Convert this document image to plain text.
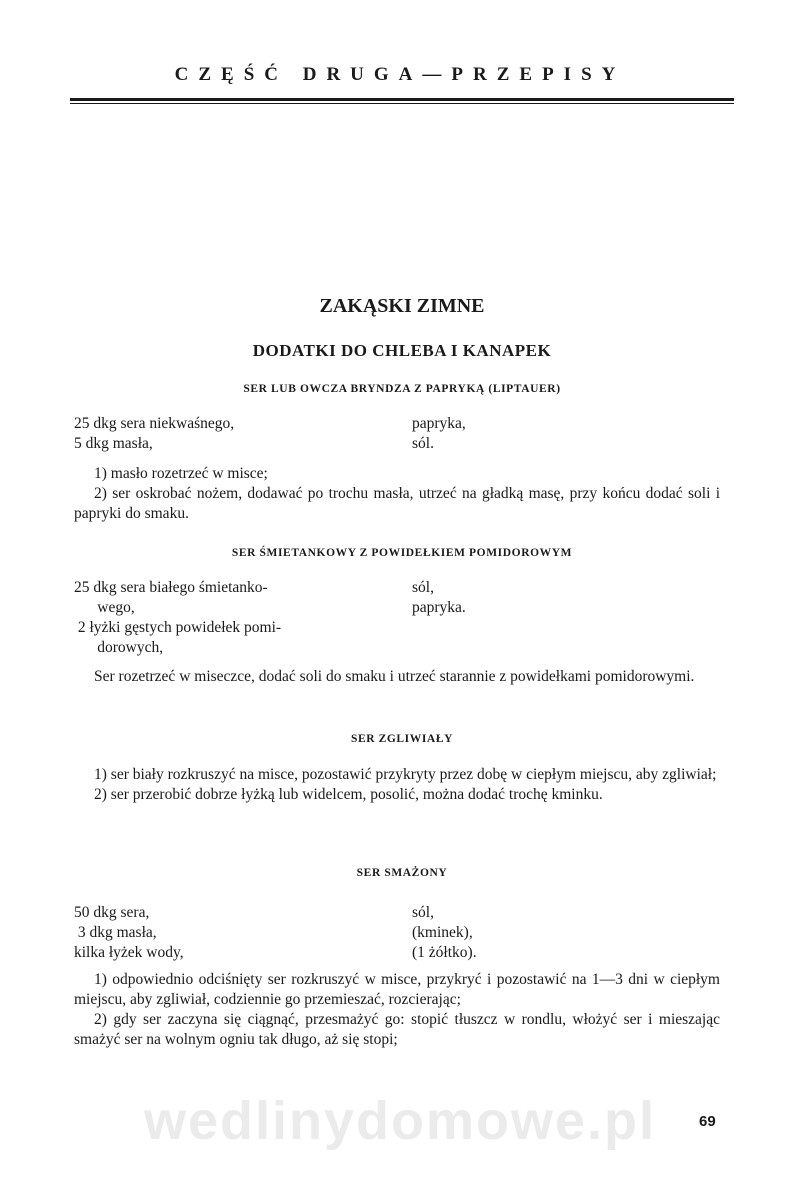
CZĘŚĆ DRUGA—PRZEPISY
ZAKĄSKI ZIMNE
DODATKI DO CHLEBA I KANAPEK
SER LUB OWCZA BRYNDZA Z PAPRYKĄ (LIPTAUER)
25 dkg sera niekwaśnego,
5 dkg masła,
papryka,
sól.

1) masło rozetrzeć w misce;

2) ser oskrobać nożem, dodawać po trochu masła, utrzeć na gładką masę, przy końcu dodać soli i papryki do smaku.

SER ŚMIETANKOWY Z POWIDEŁKIEM POMIDOROWYM
25 dkg sera białego śmietanko-
wego,
2 łyżki gęstych powidełek pomi-
dorowych,
sól,
papryka.

Ser rozetrzeć w miseczce, dodać soli do smaku i utrzeć starannie z powidełkami pomidorowymi.

SER ZGLIWIAŁY

1) ser biały rozkruszyć na misce, pozostawić przykryty przez dobę w ciepłym miejscu, aby zgliwiał;

2) ser przerobić dobrze łyżką lub widelcem, posolić, można dodać trochę kminku.

SER SMAŻONY
50 dkg sera,
3 dkg masła,
kilka łyżek wody,
sól,
(kminek),
(1 żółtko).

1) odpowiednio odciśnięty ser rozkruszyć w misce, przykryć i pozostawić na 1—3 dni w ciepłym miejscu, aby zgliwiał, codziennie go przemieszać, rozcierając;

2) gdy ser zaczyna się ciągnąć, przesmażyć go: stopić tłuszcz w rondlu, włożyć ser i mieszając smażyć ser na wolnym ogniu tak długo, aż się stopi;

wedlinydomowe.pl	69
